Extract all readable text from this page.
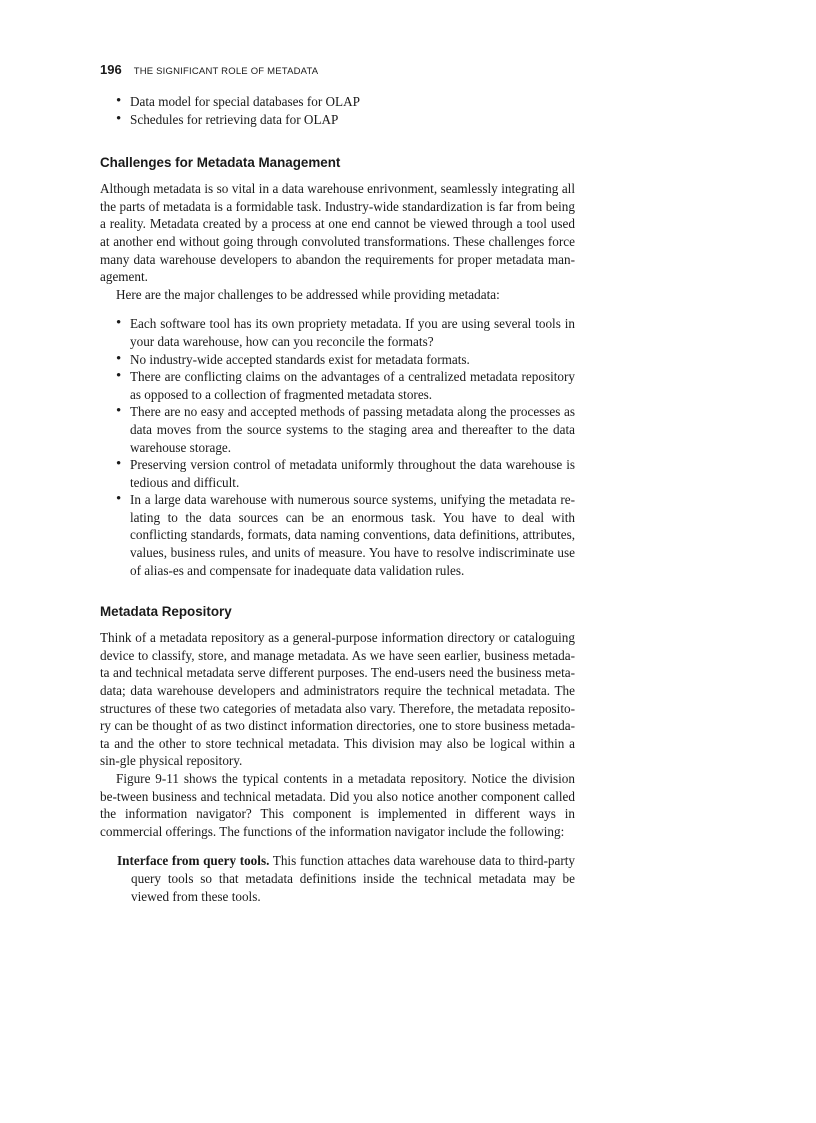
196 THE SIGNIFICANT ROLE OF METADATA
• Data model for special databases for OLAP
• Schedules for retrieving data for OLAP
Challenges for Metadata Management

Although metadata is so vital in a data warehouse enrivonment, seamlessly integrating all the parts of metadata is a formidable task. Industry-wide standardization is far from being a reality. Metadata created by a process at one end cannot be viewed through a tool used at another end without going through convoluted transformations. These challenges force many data warehouse developers to abandon the requirements for proper metadata man-agement.

Here are the major challenges to be addressed while providing metadata:

• Each software tool has its own propriety metadata. If you are using several tools in your data warehouse, how can you reconcile the formats?
• No industry-wide accepted standards exist for metadata formats.
• There are conflicting claims on the advantages of a centralized metadata repository as opposed to a collection of fragmented metadata stores.
• There are no easy and accepted methods of passing metadata along the processes as data moves from the source systems to the staging area and thereafter to the data warehouse storage.
• Preserving version control of metadata uniformly throughout the data warehouse is tedious and difficult.
• In a large data warehouse with numerous source systems, unifying the metadata re-lating to the data sources can be an enormous task. You have to deal with conflicting standards, formats, data naming conventions, data definitions, attributes, values, business rules, and units of measure. You have to resolve indiscriminate use of alias-es and compensate for inadequate data validation rules.
Metadata Repository

Think of a metadata repository as a general-purpose information directory or cataloguing device to classify, store, and manage metadata. As we have seen earlier, business metada-ta and technical metadata serve different purposes. The end-users need the business meta-data; data warehouse developers and administrators require the technical metadata. The structures of these two categories of metadata also vary. Therefore, the metadata reposito-ry can be thought of as two distinct information directories, one to store business metada-ta and the other to store technical metadata. This division may also be logical within a sin-gle physical repository.

Figure 9-11 shows the typical contents in a metadata repository. Notice the division be-tween business and technical metadata. Did you also notice another component called the information navigator? This component is implemented in different ways in commercial offerings. The functions of the information navigator include the following:

Interface from query tools. This function attaches data warehouse data to third-party query tools so that metadata definitions inside the technical metadata may be viewed from these tools.
